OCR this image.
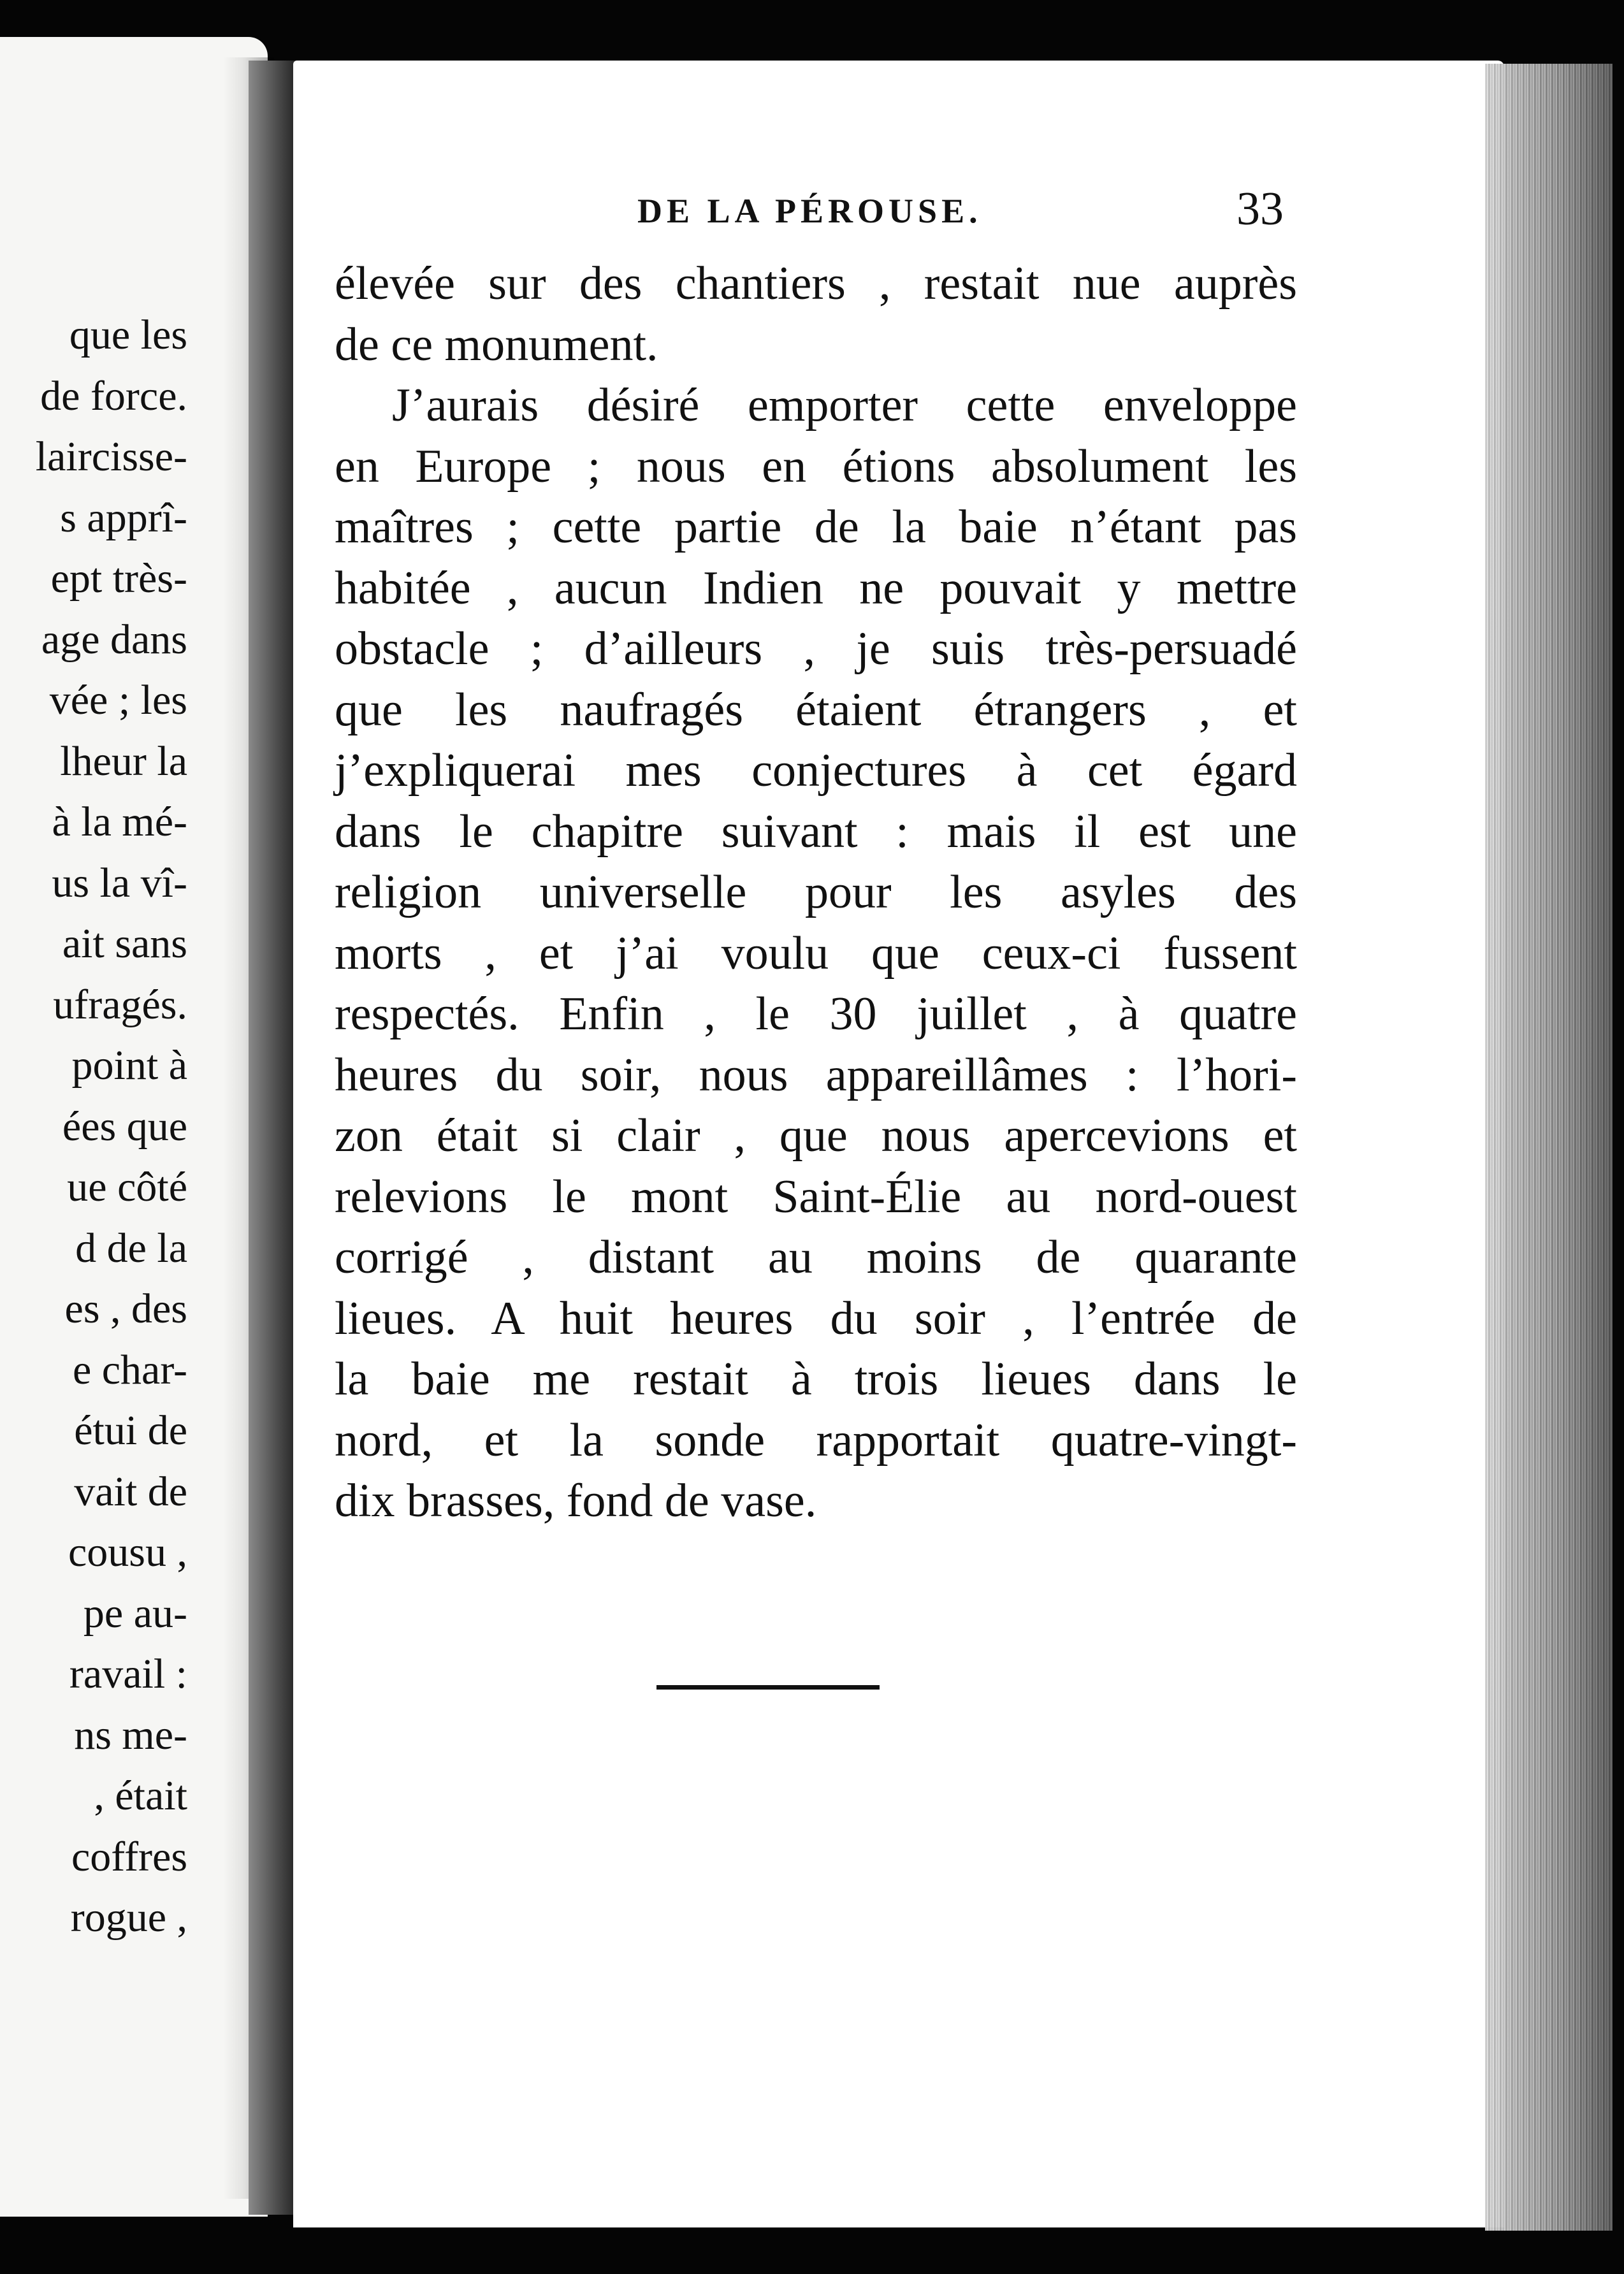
que les
de force.
laircisse-
s apprî-
ept très-
age dans
vée ; les
lheur la
à la mé-
us la vî-
ait sans
ufragés.
point à
ées que
ue côté
d de la
es , des
e char-
étui de
vait de
cousu ,
pe au-
ravail :
ns me-
, était
coffres
rogue ,
DE LA PÉROUSE.	33
élevée sur des chantiers , restait nue auprès
de ce monument.
J’aurais désiré emporter cette enveloppe
en Europe ; nous en étions absolument les
maîtres ; cette partie de la baie n’étant pas
habitée , aucun Indien ne pouvait y mettre
obstacle ; d’ailleurs , je suis très-persuadé
que les naufragés étaient étrangers , et
j’expliquerai mes conjectures à cet égard
dans le chapitre suivant : mais il est une
religion universelle pour les asyles des
morts , et j’ai voulu que ceux-ci fussent
respectés. Enfin , le 30 juillet , à quatre
heures du soir, nous appareillâmes : l’hori-
zon était si clair , que nous apercevions et
relevions le mont Saint-Élie au nord-ouest
corrigé , distant au moins de quarante
lieues. A huit heures du soir , l’entrée de
la baie me restait à trois lieues dans le
nord, et la sonde rapportait quatre-vingt-
dix brasses, fond de vase.
